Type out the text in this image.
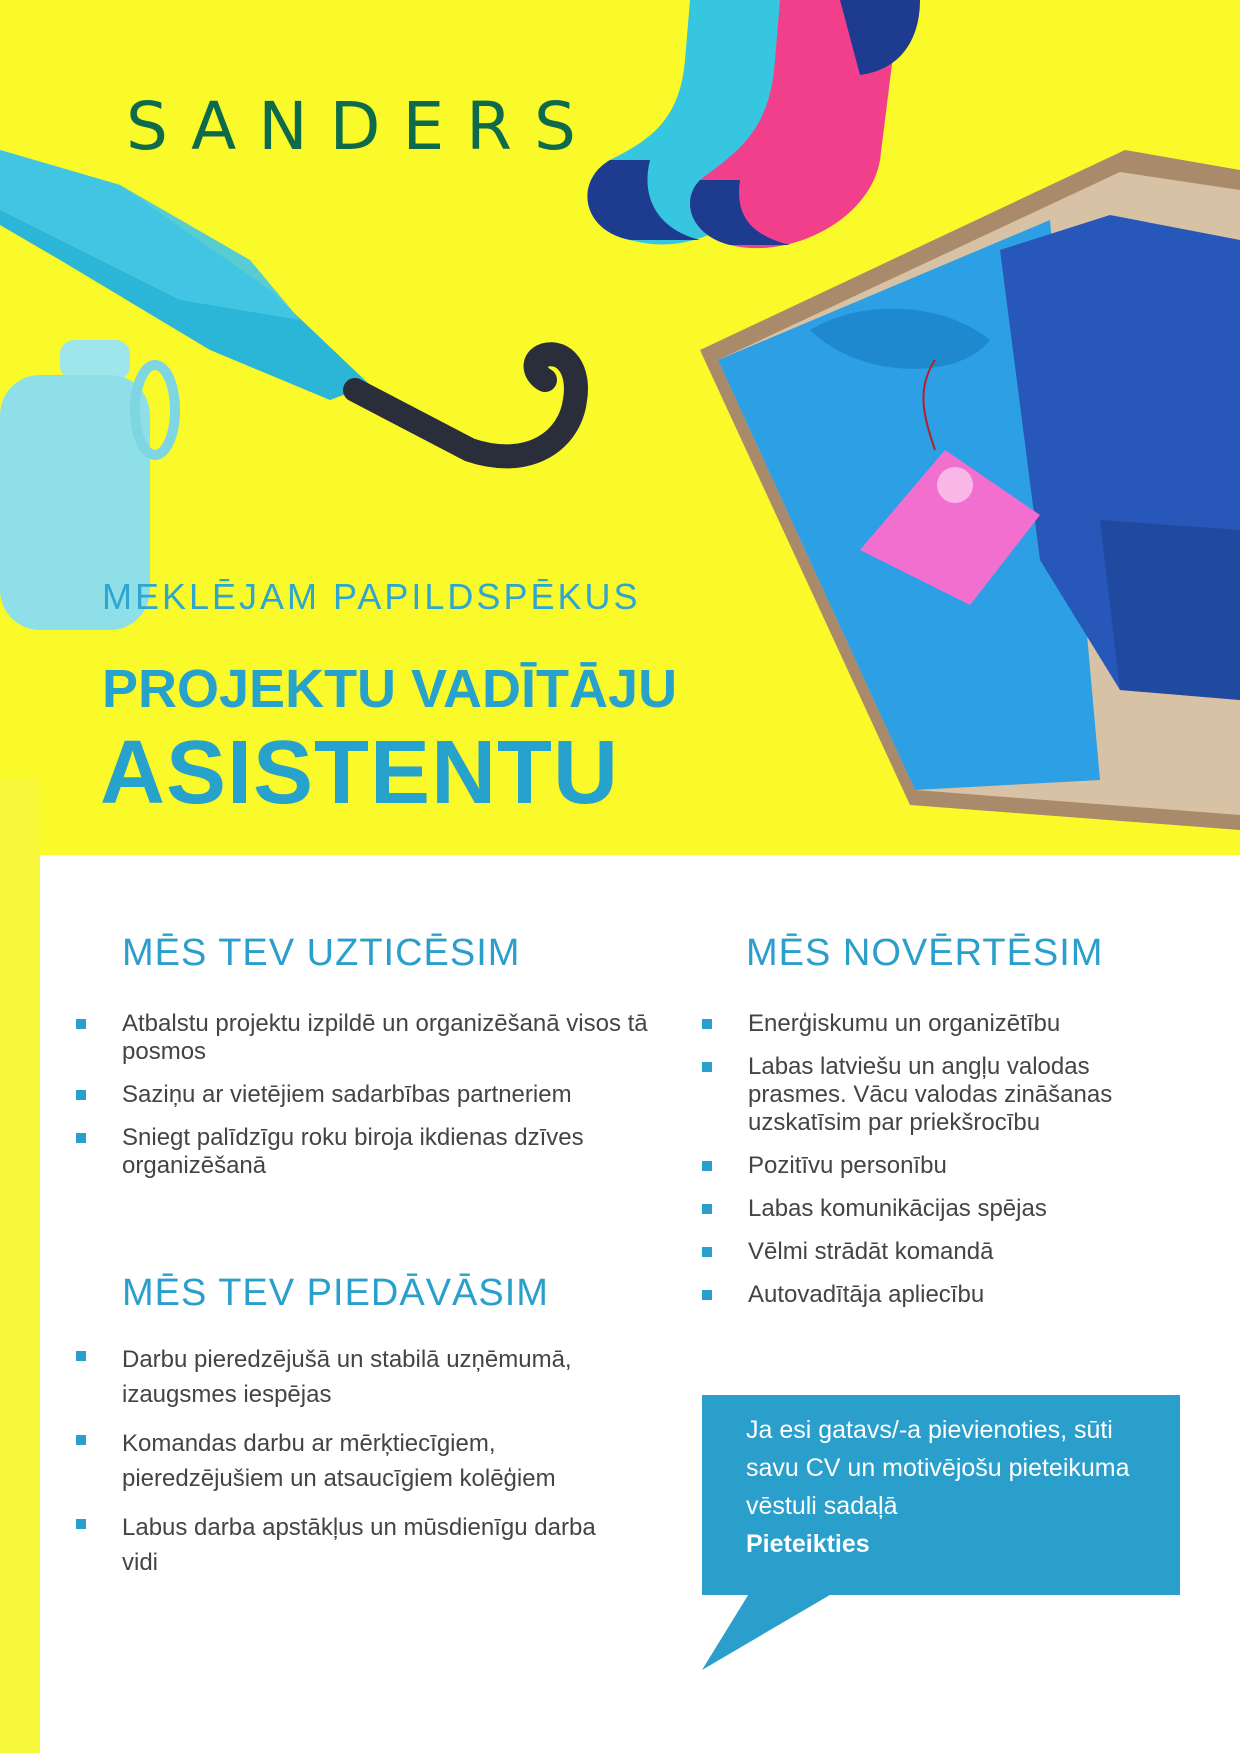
SANDERS

MEKLĒJAM PAPILDSPĒKUS

PROJEKTU VADĪTĀJU
ASISTENTU
MĒS TEV UZTICĒSIM
Atbalstu projektu izpildē un organizēšanā visos tā posmos
Saziņu ar vietējiem sadarbības partneriem
Sniegt palīdzīgu roku biroja ikdienas dzīves organizēšanā
MĒS TEV PIEDĀVĀSIM
Darbu pieredzējušā un stabilā uzņēmumā, izaugsmes iespējas
Komandas darbu ar mērķtiecīgiem, pieredzējušiem un atsaucīgiem kolēģiem
Labus darba apstākļus un mūsdienīgu darba vidi
MĒS NOVĒRTĒSIM
Enerģiskumu un organizētību
Labas latviešu un angļu valodas prasmes. Vācu valodas zināšanas uzskatīsim par priekšrocību
Pozitīvu personību
Labas komunikācijas spējas
Vēlmi strādāt komandā
Autovadītāja apliecību

Ja esi gatavs/-a pievienoties, sūti savu CV un motivējošu pieteikuma vēstuli sadaļā
Pieteikties
